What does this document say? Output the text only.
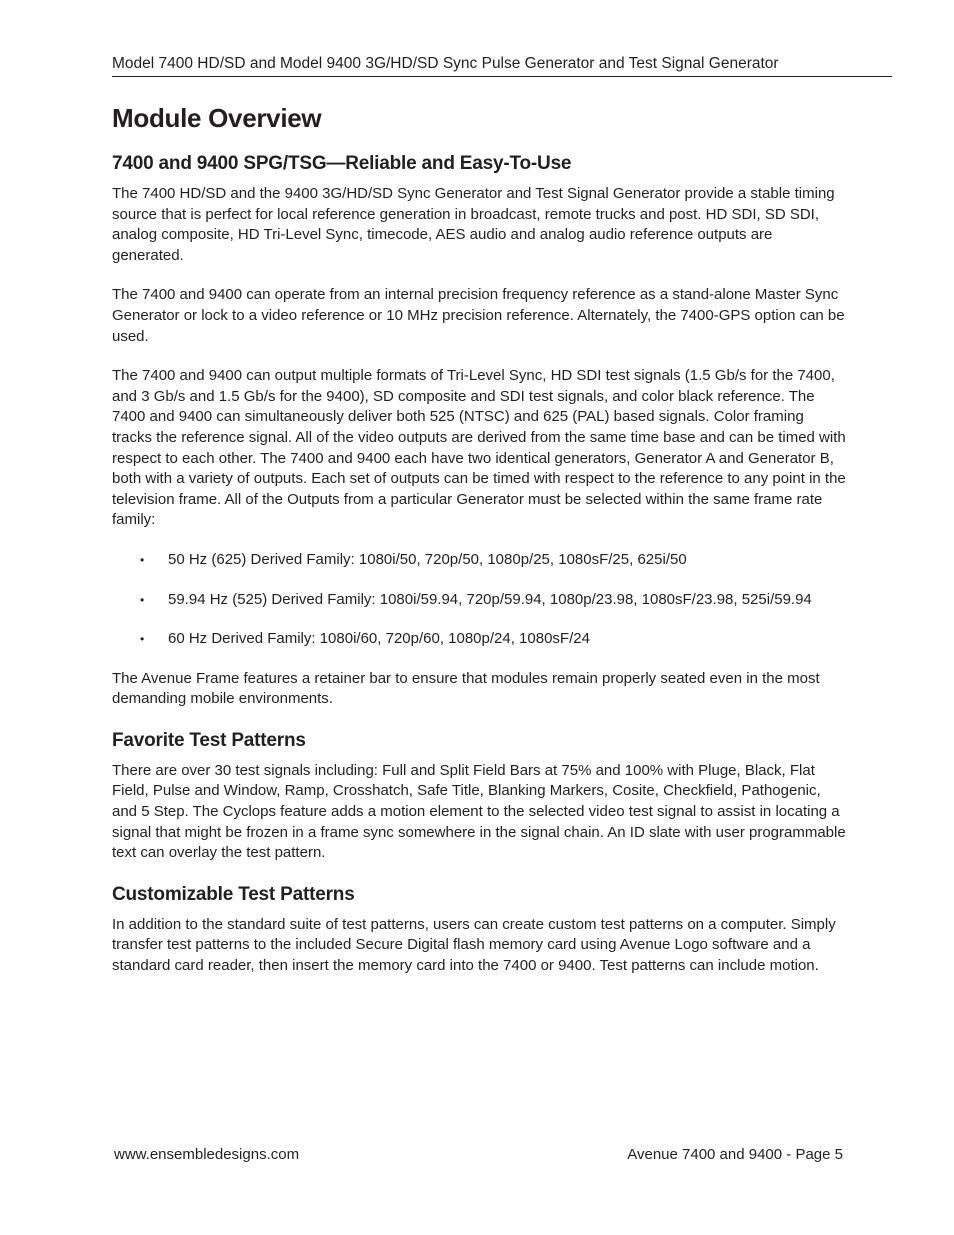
Model 7400 HD/SD and Model 9400 3G/HD/SD Sync Pulse Generator and Test Signal Generator
Module Overview
7400 and 9400 SPG/TSG—Reliable and Easy-To-Use

The 7400 HD/SD and the 9400 3G/HD/SD Sync Generator and Test Signal Generator provide a stable timing source that is perfect for local reference generation in broadcast, remote trucks and post. HD SDI, SD SDI, analog composite, HD Tri-Level Sync, timecode, AES audio and analog audio reference outputs are generated.

The 7400 and 9400 can operate from an internal precision frequency reference as a stand-alone Master Sync Generator or lock to a video reference or 10 MHz precision reference. Alternately, the 7400-GPS option can be used.

The 7400 and 9400 can output multiple formats of Tri-Level Sync, HD SDI test signals (1.5 Gb/s for the 7400, and 3 Gb/s and 1.5 Gb/s for the 9400), SD composite and SDI test signals, and color black reference. The 7400 and 9400 can simultaneously deliver both 525 (NTSC) and 625 (PAL) based signals. Color framing tracks the reference signal. All of the video outputs are derived from the same time base and can be timed with respect to each other. The 7400 and 9400 each have two identical generators, Generator A and Generator B, both with a variety of outputs. Each set of outputs can be timed with respect to the reference to any point in the television frame. All of the Outputs from a particular Generator must be selected within the same frame rate family:

• 50 Hz (625) Derived Family: 1080i/50, 720p/50, 1080p/25, 1080sF/25, 625i/50
• 59.94 Hz (525) Derived Family: 1080i/59.94, 720p/59.94, 1080p/23.98, 1080sF/23.98, 525i/59.94
• 60 Hz Derived Family: 1080i/60, 720p/60, 1080p/24, 1080sF/24

The Avenue Frame features a retainer bar to ensure that modules remain properly seated even in the most demanding mobile environments.

Favorite Test Patterns

There are over 30 test signals including: Full and Split Field Bars at 75% and 100% with Pluge, Black, Flat Field, Pulse and Window, Ramp, Crosshatch, Safe Title, Blanking Markers, Cosite, Checkfield, Pathogenic, and 5 Step. The Cyclops feature adds a motion element to the selected video test signal to assist in locating a signal that might be frozen in a frame sync somewhere in the signal chain. An ID slate with user programmable text can overlay the test pattern.

Customizable Test Patterns

In addition to the standard suite of test patterns, users can create custom test patterns on a computer. Simply transfer test patterns to the included Secure Digital flash memory card using Avenue Logo software and a standard card reader, then insert the memory card into the 7400 or 9400. Test patterns can include motion.

www.ensembledesigns.com	Avenue 7400 and 9400 - Page 5
